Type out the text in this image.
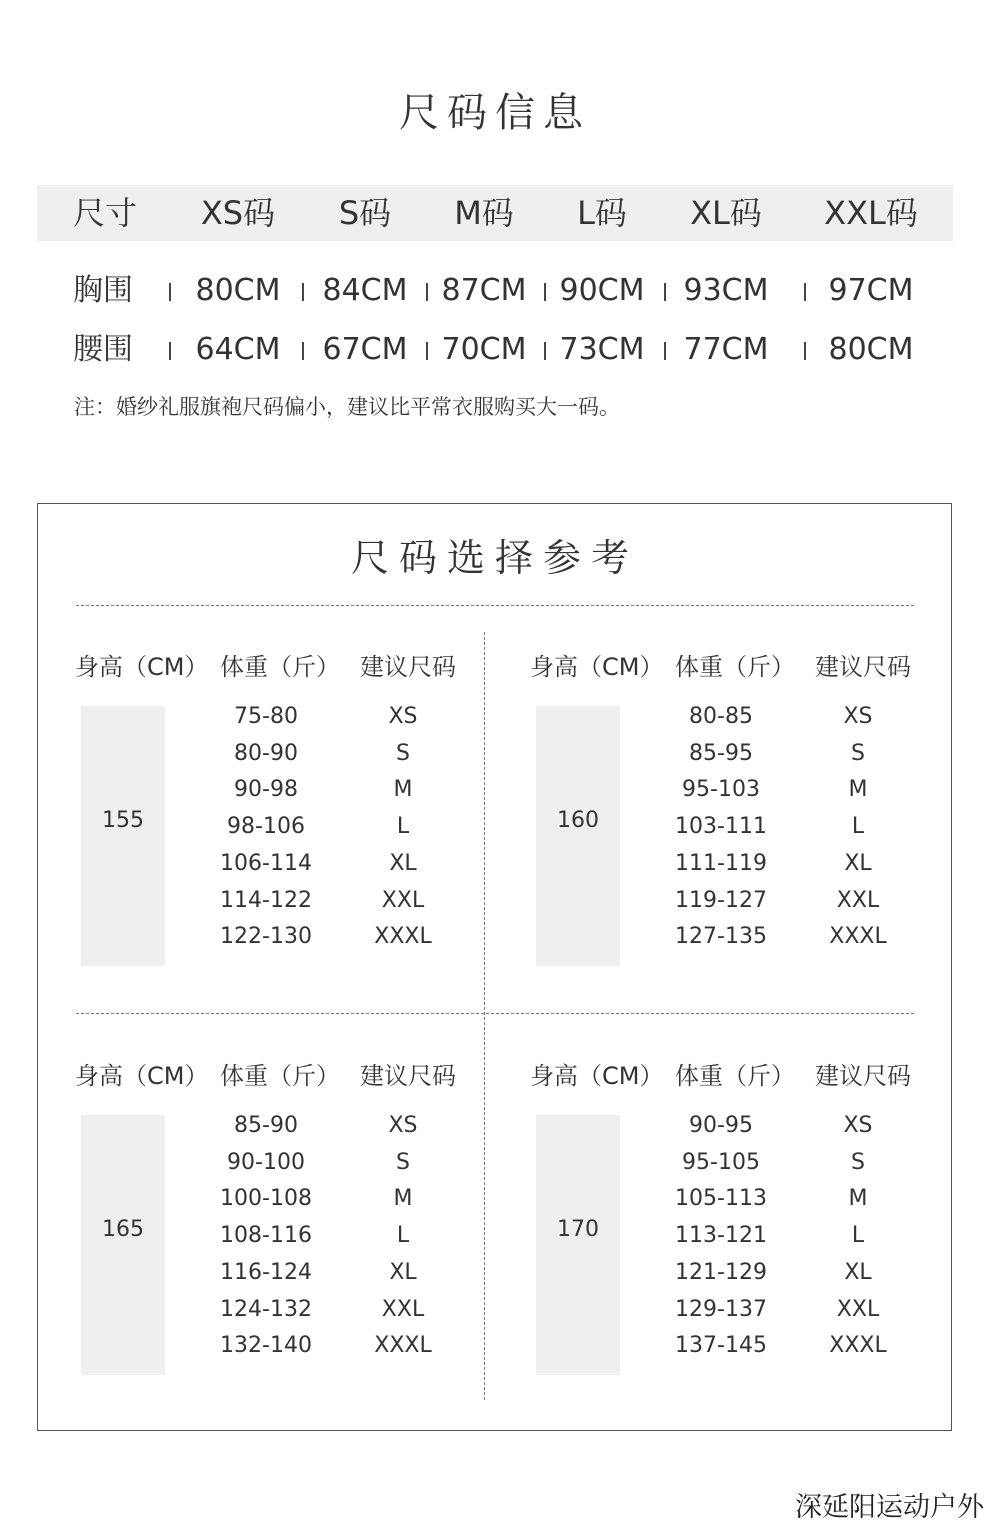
尺码信息
尺寸	XS码	S码	M码	L码	XL码	XXL码
胸围	80CM	84CM	87CM	90CM	93CM	97CM
腰围	64CM	67CM	70CM	73CM	77CM	80CM
注：婚纱礼服旗袍尺码偏小，建议比平常衣服购买大一码。
尺码选择参考
身高（CM） 体重（斤） 建议尺码
155
75-80	XS
80-90	S
90-98	M
98-106	L
106-114	XL
114-122	XXL
122-130	XXXL
身高（CM） 体重（斤） 建议尺码
160
80-85	XS
85-95	S
95-103	M
103-111	L
111-119	XL
119-127	XXL
127-135	XXXL
身高（CM） 体重（斤） 建议尺码
165
85-90	XS
90-100	S
100-108	M
108-116	L
116-124	XL
124-132	XXL
132-140	XXXL
身高（CM） 体重（斤） 建议尺码
170
90-95	XS
95-105	S
105-113	M
113-121	L
121-129	XL
129-137	XXL
137-145	XXXL
深延阳运动户外
